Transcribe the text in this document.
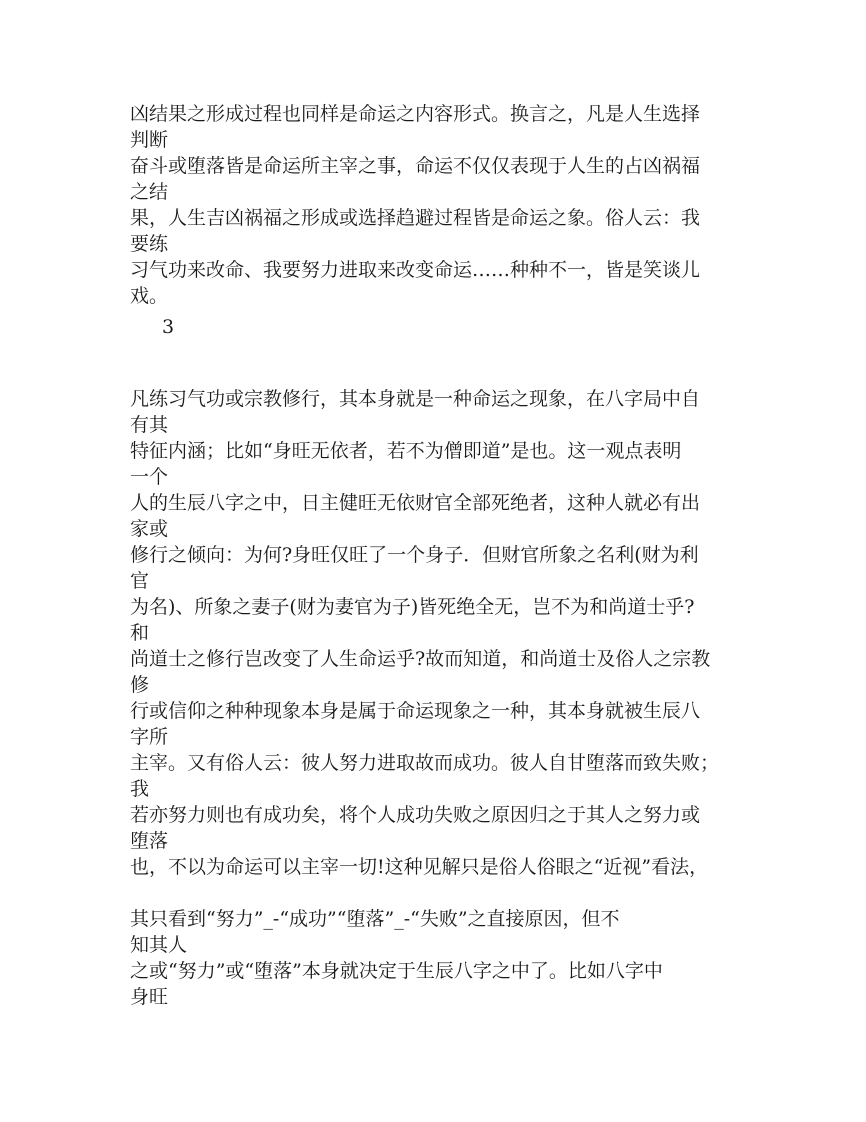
凶结果之形成过程也同样是命运之内容形式。换言之，凡是人生选择
判断
奋斗或堕落皆是命运所主宰之事，命运不仅仅表现于人生的占凶祸福
之结
果，人生吉凶祸福之形成或选择趋避过程皆是命运之象。俗人云：我
要练
习气功来改命、我要努力进取来改变命运……种种不一，皆是笑谈儿
戏。
3
凡练习气功或宗教修行，其本身就是一种命运之现象，在八字局中自
有其
特征内涵；比如“身旺无依者，若不为僧即道”是也。这一观点表明
一个
人的生辰八字之中，日主健旺无依财官全部死绝者，这种人就必有出
家或
修行之倾向：为何?身旺仅旺了一个身子．但财官所象之名利(财为利
官
为名)、所象之妻子(财为妻官为子)皆死绝全无，岂不为和尚道士乎?
和
尚道士之修行岂改变了人生命运乎?故而知道，和尚道士及俗人之宗教
修
行或信仰之种种现象本身是属于命运现象之一种，其本身就被生辰八
字所
主宰。又有俗人云：彼人努力进取故而成功。彼人自甘堕落而致失败；
我
若亦努力则也有成功矣，将个人成功失败之原因归之于其人之努力或
堕落
也，不以为命运可以主宰一切!这种见解只是俗人俗眼之“近视”看法，

其只看到“努力”_-“成功”“堕落”_-“失败”之直接原因，但不
知其人
之或“努力”或“堕落”本身就决定于生辰八字之中了。比如八字中
身旺
